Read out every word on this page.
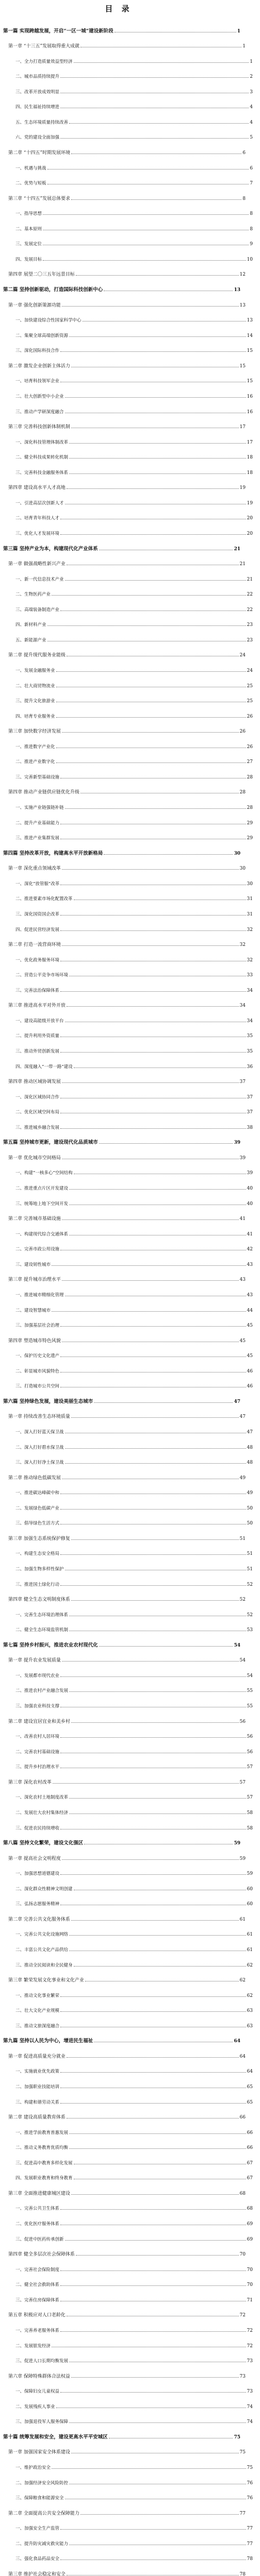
目 录
第一篇 实现跨越发展，开启“一区一城”建设新阶段	1
第一章 “十三五”发展取得重大成就	1
一、全力打造质量效益型经济	1
二、城市品质持续提升	2
三、改革开放成效明显	3
四、民生福祉持续增进	4
五、生态环境质量持续改善	4
六、党的建设全面加强	5
第二章 “十四五”时期发展环境	6
一、机遇与挑战	6
二、优势与短板	7
第三章 “十四五”发展总体要求	8
一、指导思想	8
二、基本原则	8
三、发展定位	9
四、发展目标	10
第四章 展望二〇三五年远景目标	12
第二篇 坚持创新驱动，打造国际科技创新中心	13
第一章 强化创新策源功能	13
一、加快建设综合性国家科学中心	13
二、集聚全球高端创新资源	14
三、深化国际科技合作	15
第二章 激发企业创新主体活力	15
一、培育科技领军企业	15
二、壮大创新型中小企业	16
三、推动产学研深度融合	16
第三章 完善科技创新体制机制	17
一、深化科技管理体制改革	17
二、健全科技成果转化机制	18
三、完善科技金融服务体系	18
第四章 建设高水平人才高地	19
一、引进高层次创新人才	19
二、培育青年科技人才	20
三、优化人才发展环境	20
第三篇 坚持产业为本，构建现代化产业体系	21
第一章 做强战略性新兴产业	21
一、新一代信息技术产业	21
二、生物医药产业	22
三、高端装备制造产业	22
四、新材料产业	23
五、新能源产业	23
第二章 提升现代服务业能级	24
一、发展金融服务业	24
二、壮大商贸物流业	25
三、提升文化旅游业	25
四、培育专业服务业	26
第三章 加快数字经济发展	26
一、推进数字产业化	26
二、推进产业数字化	27
三、完善新型基础设施	28
第四章 推动产业链供应链优化升级	28
一、实施产业链强链补链	28
二、提升产业基础能力	29
三、推进产业集群发展	29
第四篇 坚持改革开放，构建高水平开放新格局	30
第一章 深化重点领域改革	30
一、深化“放管服”改革	30
二、推进要素市场化配置改革	31
三、深化国资国企改革	31
四、促进民营经济发展	32
第二章 打造一流营商环境	32
一、优化政务服务环境	32
二、营造公平竞争市场环境	33
三、完善法治保障体系	34
第三章 推进高水平对外开放	34
一、建设高能级开放平台	34
二、提升利用外资质量	35
三、推动外贸创新发展	35
四、深度融入“一带一路”建设	36
第四章 推动区域协调发展	37
一、深化区域协同合作	37
二、优化区域空间布局	37
三、推进城乡融合发展	38
第五篇 坚持城市更新，建设现代化品质城市	39
第一章 优化城市空间格局	39
一、构建“一核多心”空间结构	39
二、推进重点片区开发建设	40
三、统筹地上地下空间开发	40
第二章 完善城市基础设施	41
一、构建现代综合交通体系	41
二、完善市政公用设施	42
三、建设韧性城市	43
第三章 提升城市治理水平	43
一、推进城市精细化管理	43
二、建设智慧城市	44
三、加强基层社会治理	45
第四章 塑造城市特色风貌	45
一、保护历史文化遗产	45
二、彰显城市风貌特色	46
三、打造城市公共空间	46
第六篇 坚持绿色发展，建设美丽生态城市	47
第一章 持续改善生态环境质量	47
一、深入打好蓝天保卫战	47
二、深入打好碧水保卫战	48
三、深入打好净土保卫战	48
第二章 推动绿色低碳发展	49
一、推进碳达峰碳中和	49
二、发展绿色低碳产业	50
三、倡导绿色生活方式	50
第三章 加强生态系统保护修复	51
一、构建生态安全格局	51
二、加强生物多样性保护	51
三、推进国土绿化行动	52
第四章 健全生态文明制度体系	52
一、完善生态环境治理体系	52
二、健全生态环境监管机制	53
第七篇 坚持乡村振兴，推进农业农村现代化	54
第一章 提升农业发展质量	54
一、发展都市现代农业	54
二、推进农村产业融合发展	55
三、加强农业科技支撑	55
第二章 建设宜居宜业和美乡村	56
一、改善农村人居环境	56
二、完善农村基础设施	56
三、提升乡村治理水平	57
第三章 深化农村改革	57
一、深化农村土地制度改革	57
二、发展壮大农村集体经济	58
三、促进农民持续增收	58
第八篇 坚持文化繁荣，建设文化强区	59
第一章 提高社会文明程度	59
一、加强思想道德建设	59
二、深化群众性精神文明创建	60
三、弘扬志愿服务精神	60
第二章 完善公共文化服务体系	61
一、完善公共文化设施网络	61
二、丰富公共文化产品供给	61
三、推动全民阅读和全民健身	62
第三章 繁荣发展文化事业和文化产业	62
一、推动文化事业繁荣	62
二、壮大文化产业规模	63
三、推动文旅深度融合	63
第九篇 坚持以人民为中心，增进民生福祉	64
第一章 促进高质量充分就业	64
一、实施就业优先政策	64
二、加强职业技能培训	65
三、构建和谐劳动关系	65
第二章 建设高质量教育体系	66
一、推进学前教育普惠发展	66
二、推动义务教育优质均衡	66
三、促进高中教育多样化发展	67
四、发展职业教育和终身教育	67
第三章 全面推进健康城区建设	68
一、完善公共卫生体系	68
二、优化医疗服务体系	69
三、促进中医药传承创新	69
第四章 健全多层次社会保障体系	70
一、完善社会保险制度	70
二、健全社会救助体系	70
三、完善住房保障体系	71
第五章 积极应对人口老龄化	72
一、完善养老服务体系	72
二、发展银发经济	72
三、促进人口长期均衡发展	73
第六章 保障特殊群体合法权益	73
一、保障妇女儿童权益	73
二、发展残疾人事业	74
三、加强退役军人服务保障	74
第十篇 统筹发展和安全，建设更高水平平安城区	75
第一章 加强国家安全体系建设	75
一、维护政治安全	75
二、加强经济安全风险防控	76
三、保障粮食和能源安全	76
第二章 全面提高公共安全保障能力	77
一、加强安全生产监管	77
二、提升防灾减灾救灾能力	77
三、强化食品药品安全	78
第三章 维护社会稳定和安全	78
